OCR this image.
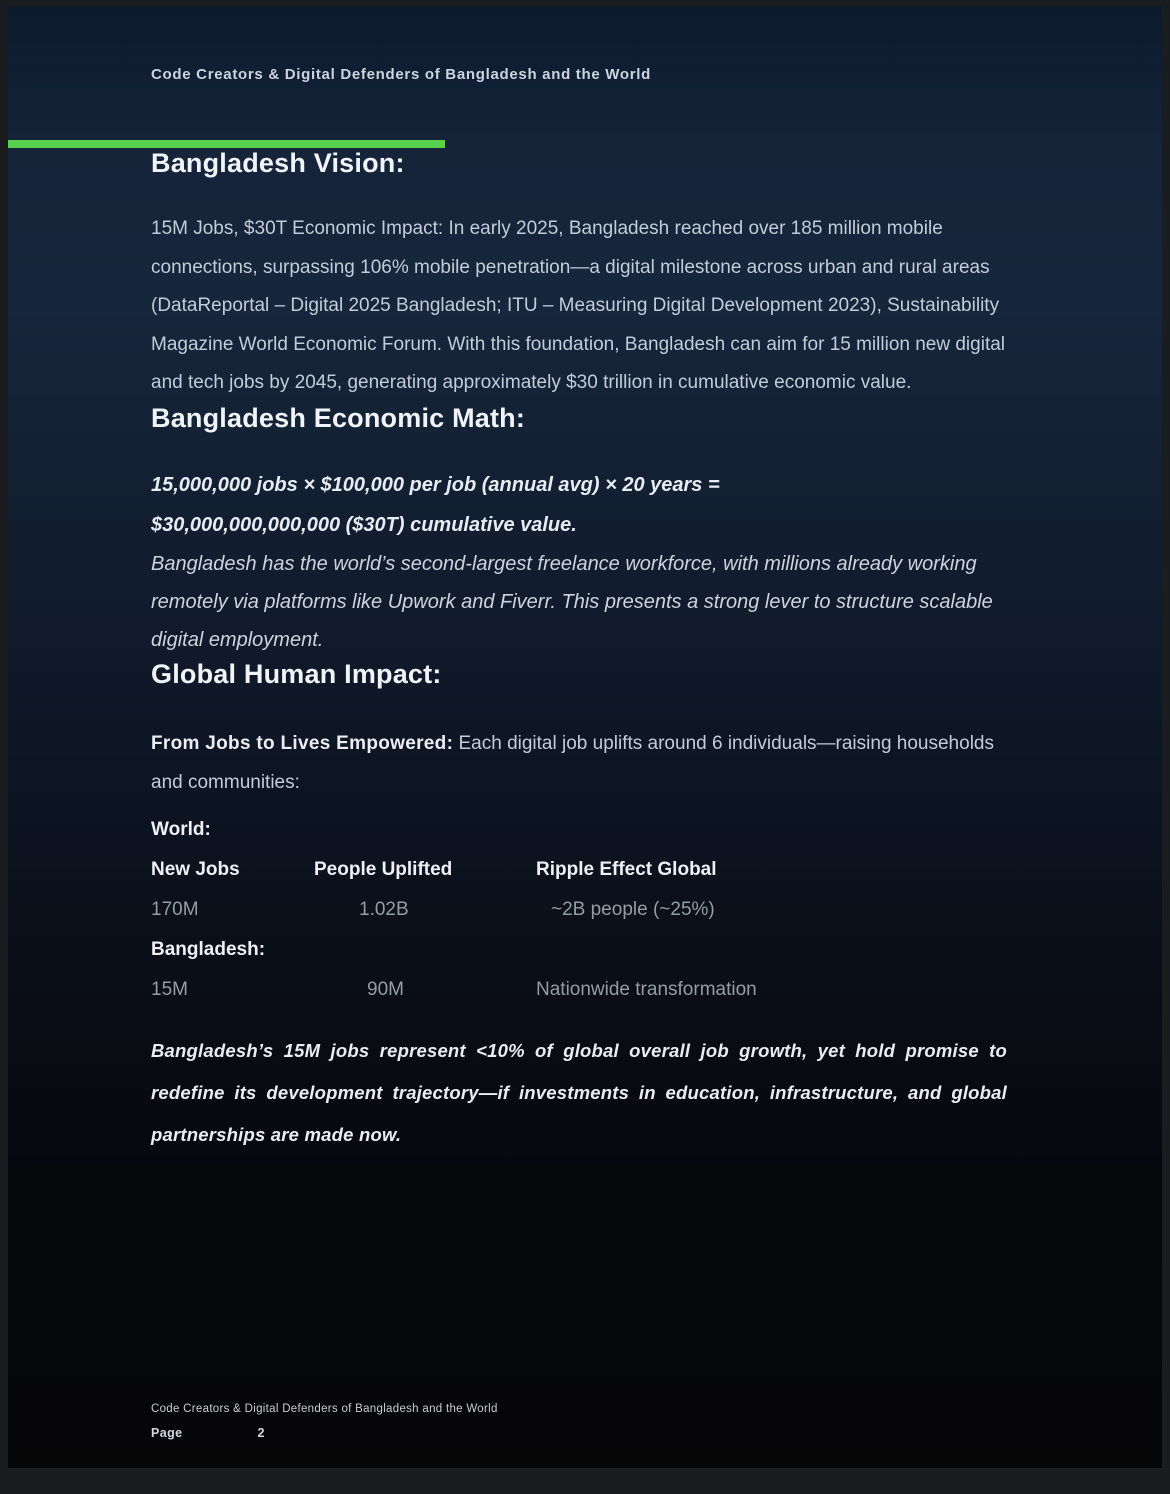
Code Creators & Digital Defenders of Bangladesh and the World
Bangladesh Vision:

15M Jobs, $30T Economic Impact: In early 2025, Bangladesh reached over 185 million mobile connections, surpassing 106% mobile penetration—a digital milestone across urban and rural areas (DataReportal – Digital 2025 Bangladesh; ITU – Measuring Digital Development 2023), Sustainability Magazine World Economic Forum. With this foundation, Bangladesh can aim for 15 million new digital and tech jobs by 2045, generating approximately $30 trillion in cumulative economic value.

Bangladesh Economic Math:
15,000,000 jobs × $100,000 per job (annual avg) × 20 years =
$30,000,000,000,000 ($30T) cumulative value.

Bangladesh has the world’s second-largest freelance workforce, with millions already working remotely via platforms like Upwork and Fiverr. This presents a strong lever to structure scalable digital employment.

Global Human Impact:

From Jobs to Lives Empowered: Each digital job uplifts around 6 individuals—raising households and communities:

World:
New Jobs	People Uplifted	Ripple Effect Global
170M	1.02B	~2B people (~25%)
Bangladesh:
15M	90M	Nationwide transformation

Bangladesh’s 15M jobs represent <10% of global overall job growth, yet hold promise to redefine its development trajectory—if investments in education, infrastructure, and global partnerships are made now.

Code Creators & Digital Defenders of Bangladesh and the World
Page	2
